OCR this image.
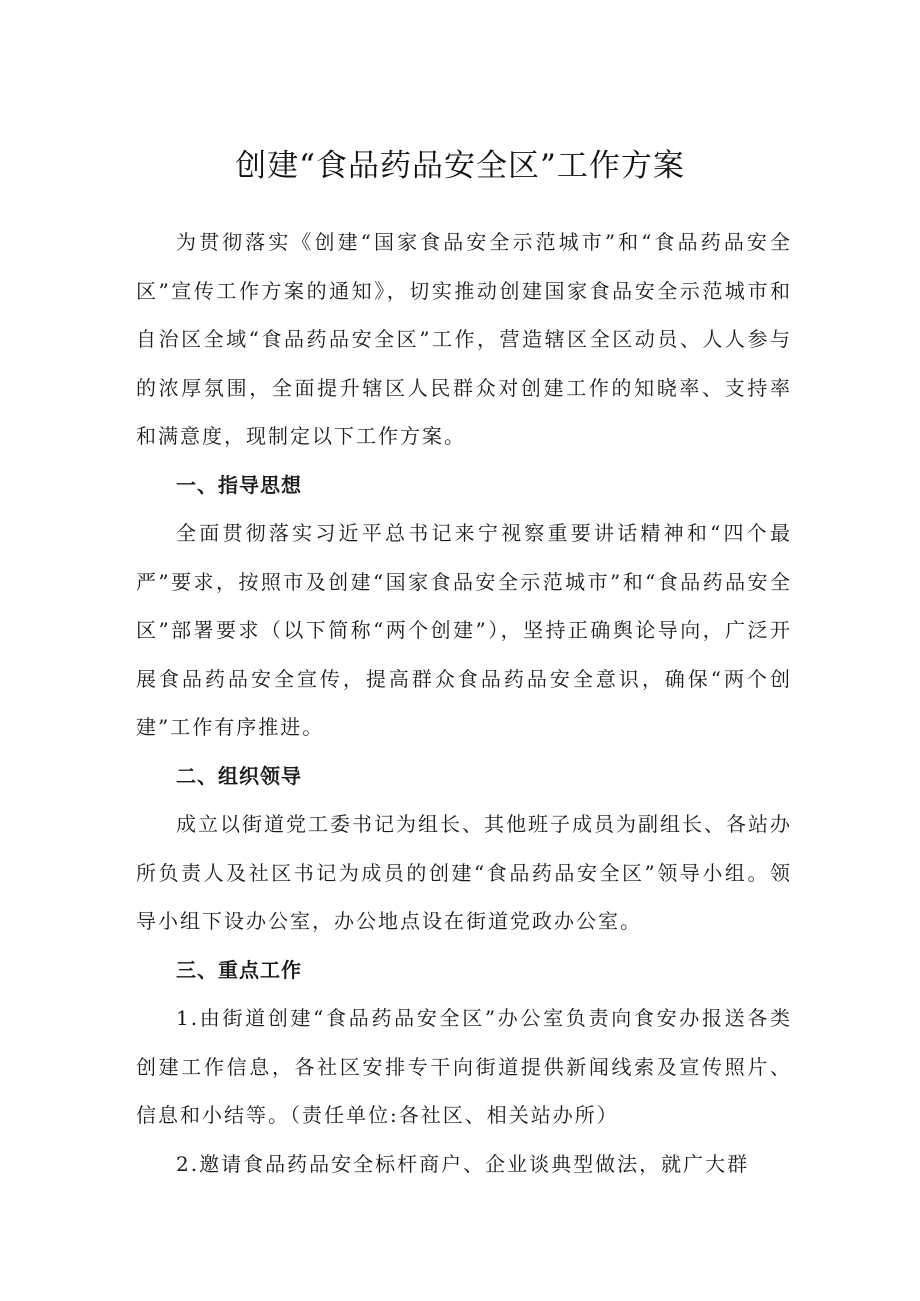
创建“食品药品安全区”工作方案

为贯彻落实《创建“国家食品安全示范城市”和“食品药品安全区”宣传工作方案的通知》，切实推动创建国家食品安全示范城市和自治区全域“食品药品安全区”工作，营造辖区全区动员、人人参与的浓厚氛围，全面提升辖区人民群众对创建工作的知晓率、支持率和满意度，现制定以下工作方案。

一、指导思想

全面贯彻落实习近平总书记来宁视察重要讲话精神和“四个最严”要求，按照市及创建“国家食品安全示范城市”和“食品药品安全区”部署要求（以下简称“两个创建”），坚持正确舆论导向，广泛开展食品药品安全宣传，提高群众食品药品安全意识，确保“两个创建”工作有序推进。

二、组织领导

成立以街道党工委书记为组长、其他班子成员为副组长、各站办所负责人及社区书记为成员的创建“食品药品安全区”领导小组。领导小组下设办公室，办公地点设在街道党政办公室。

三、重点工作

1.由街道创建“食品药品安全区”办公室负责向食安办报送各类创建工作信息，各社区安排专干向街道提供新闻线索及宣传照片、信息和小结等。（责任单位:各社区、相关站办所）

2.邀请食品药品安全标杆商户、企业谈典型做法，就广大群
